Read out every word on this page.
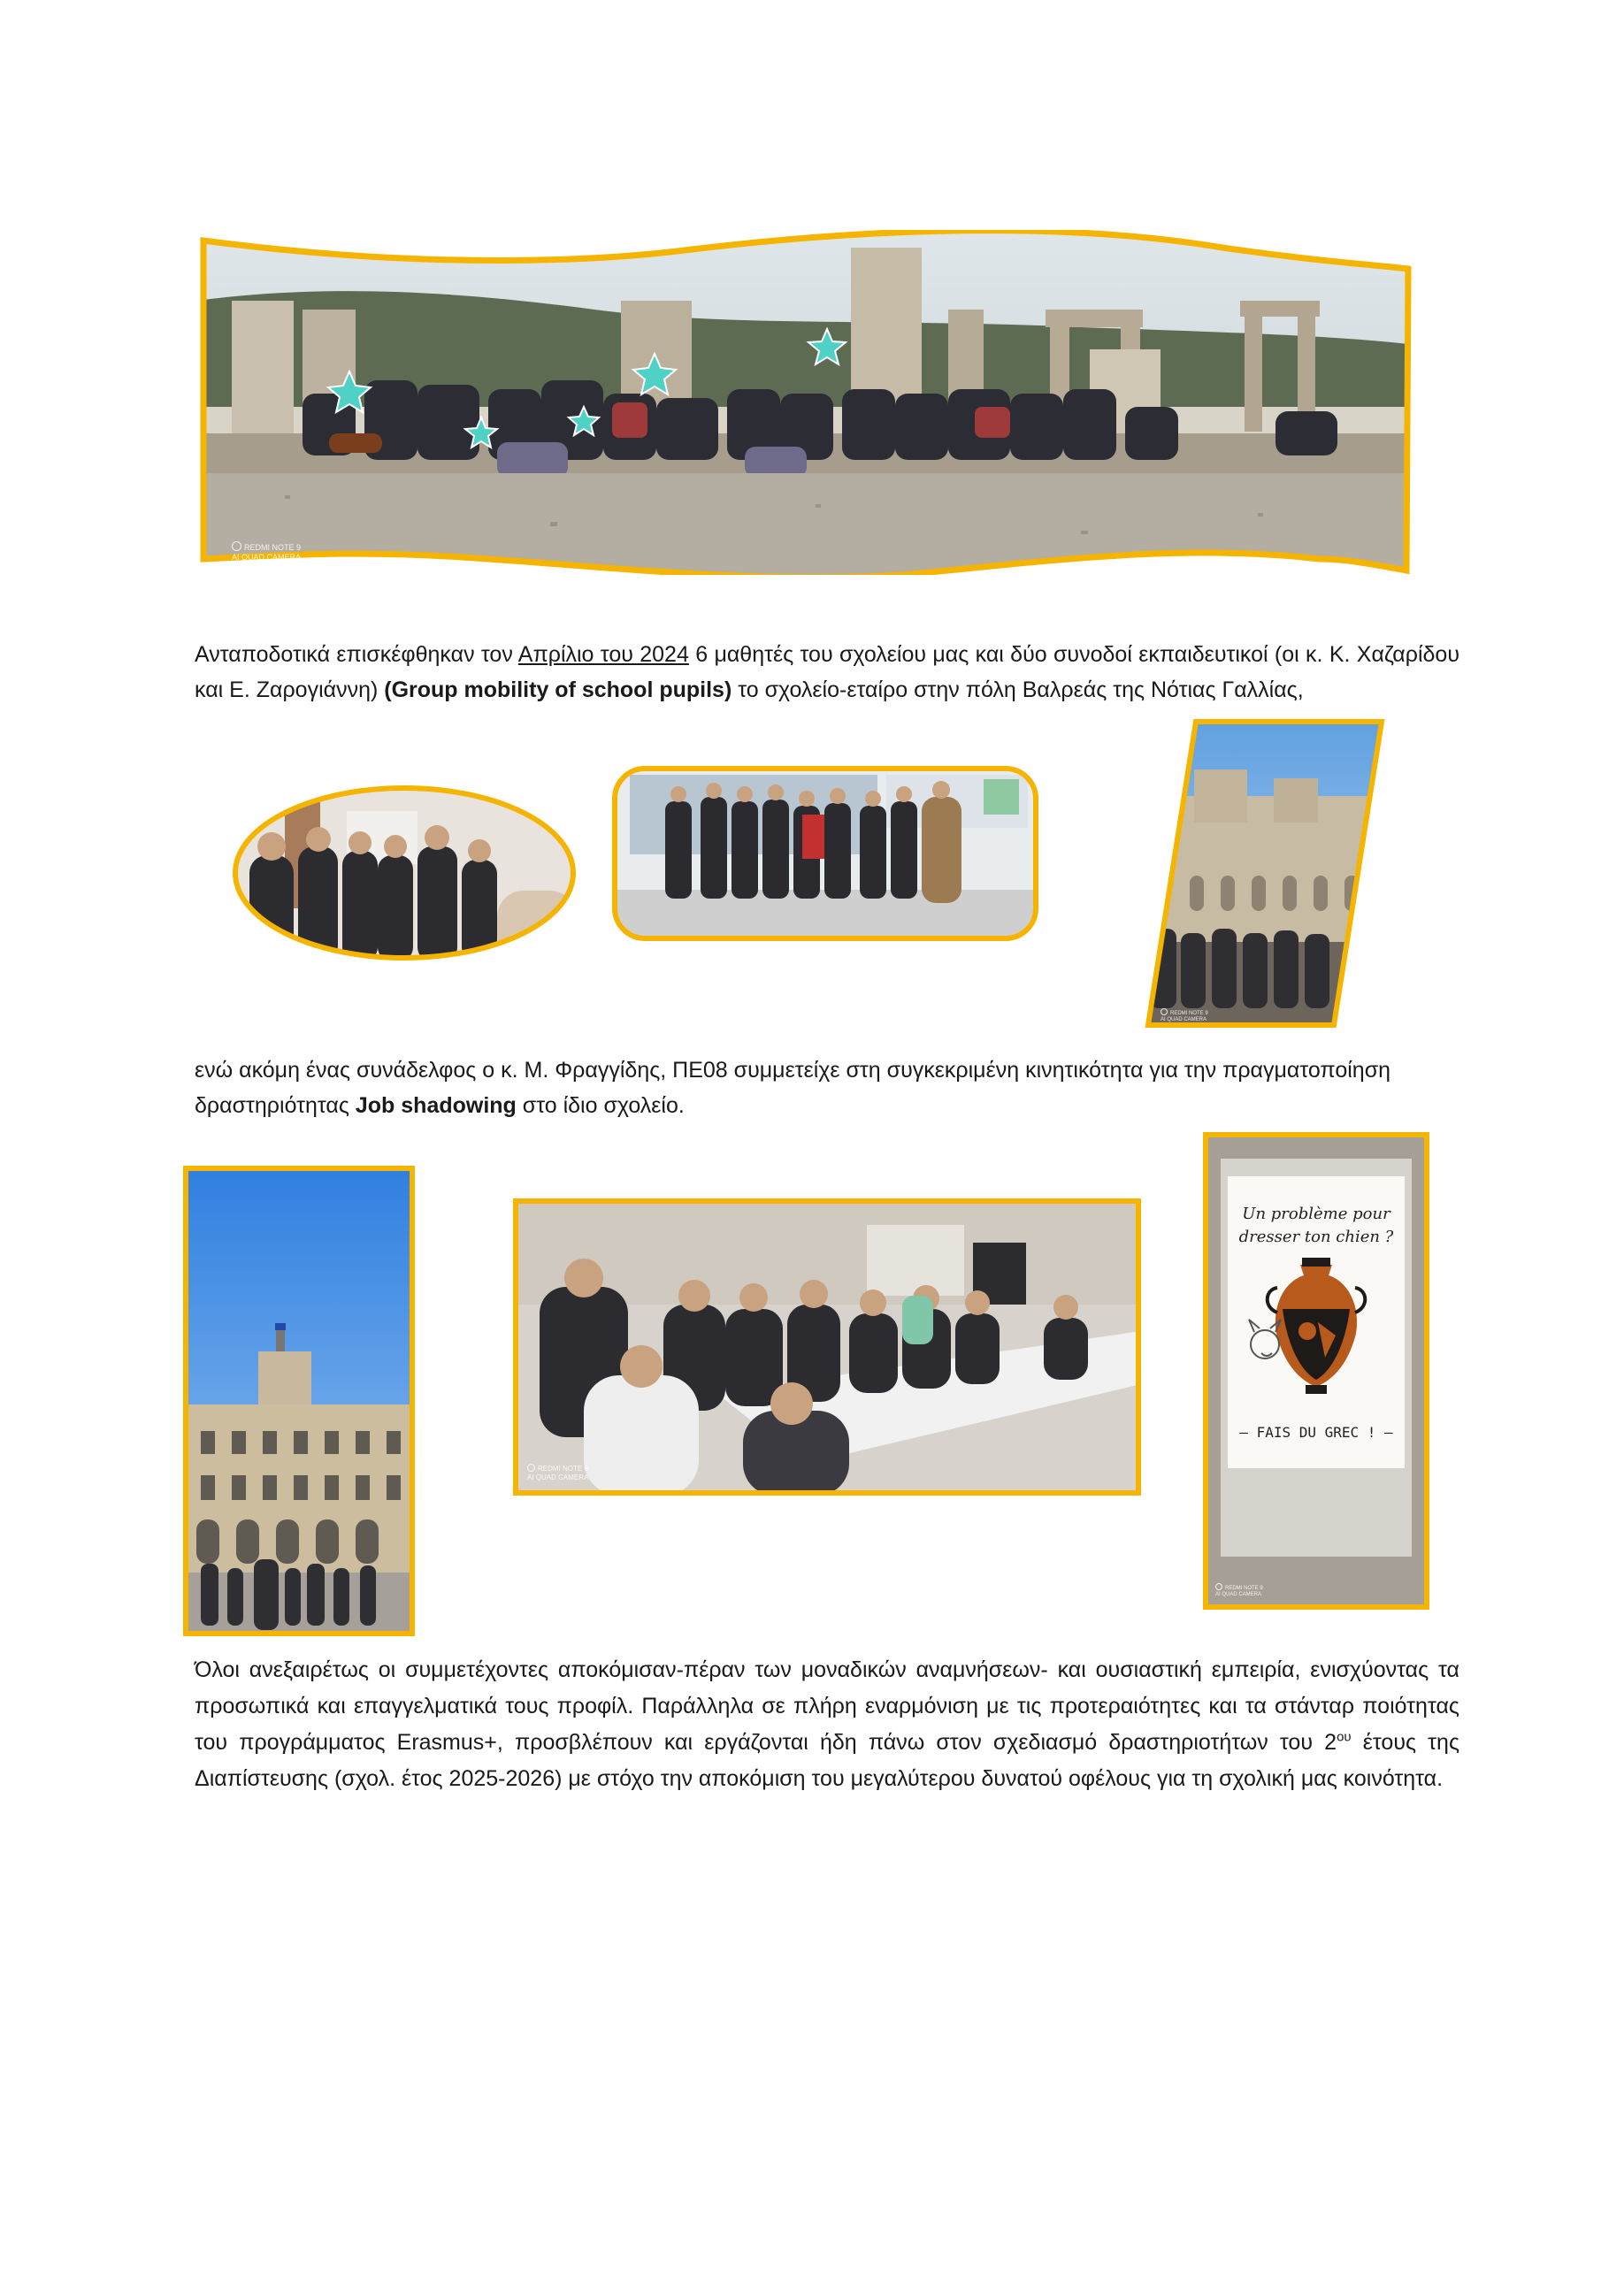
REDMI NOTE 9
AI QUAD CAMERA
Ανταποδοτικά επισκέφθηκαν τον Απρίλιο του 2024 6 μαθητές του σχολείου μας και δύο συνοδοί εκπαιδευτικοί (οι κ. Κ. Χαζαρίδου και Ε. Ζαρογιάννη) (Group mobility of school pupils) το σχολείο-εταίρο στην πόλη Βαλρεάς της Νότιας Γαλλίας,
REDMI NOTE 9
AI QUAD CAMERA
ενώ ακόμη ένας συνάδελφος ο κ. Μ. Φραγγίδης, ΠΕ08 συμμετείχε στη συγκεκριμένη κινητικότητα για την πραγματοποίηση δραστηριότητας Job shadowing στο ίδιο σχολείο.
REDMI NOTE 9
AI QUAD CAMERA
Un problème pour
dresser ton chien ?
– FAIS DU GREC ! –
REDMI NOTE 9
AI QUAD CAMERA
Όλοι ανεξαιρέτως οι συμμετέχοντες αποκόμισαν-πέραν των μοναδικών αναμνήσεων- και ουσιαστική εμπειρία, ενισχύοντας τα προσωπικά και επαγγελματικά τους προφίλ. Παράλληλα σε πλήρη εναρμόνιση με τις προτεραιότητες και τα στάνταρ ποιότητας του προγράμματος Erasmus+, προσβλέπουν και εργάζονται ήδη πάνω στον σχεδιασμό δραστηριοτήτων του $2^{o\upsilon}$ έτους της Διαπίστευσης (σχολ. έτος 2025-2026) με στόχο την αποκόμιση του μεγαλύτερου δυνατού οφέλους για τη σχολική μας κοινότητα.
